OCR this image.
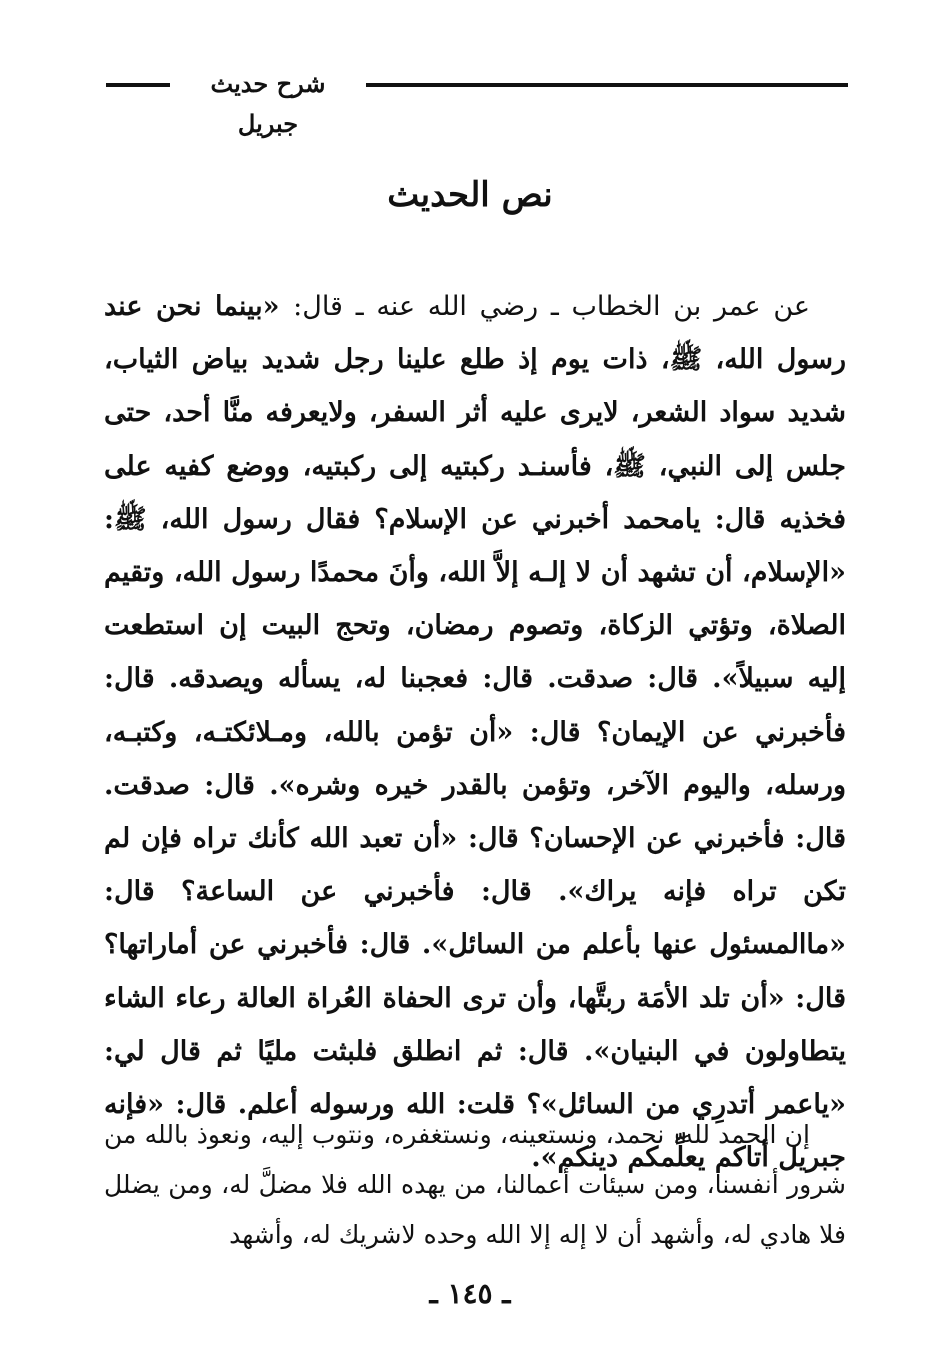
شرح حديث جبريل
نص الحديث
عن عمر بن الخطاب ـ رضي الله عنه ـ قال: «بينما نحن عند رسول الله، ﷺ، ذات يوم إذ طلع علينا رجل شديد بياض الثياب، شديد سواد الشعر، لايرى عليه أثر السفر، ولايعرفه منَّا أحد، حتى جلس إلى النبي، ﷺ، فأسنـد ركبتيه إلى ركبتيه، ووضع كفيه على فخذيه قال: يامحمد أخبرني عن الإسلام؟ فقال رسول الله، ﷺ: «الإسلام، أن تشهد أن لا إلـه إلاَّ الله، وأنَ محمدًا رسول الله، وتقيم الصلاة، وتؤتي الزكاة، وتصوم رمضان، وتحج البيت إن استطعت إليه سبيلاً». قال: صدقت. قال: فعجبنا له، يسأله ويصدقه. قال: فأخبرني عن الإيمان؟ قال: «أن تؤمن بالله، ومـلائكتـه، وكتبـه، ورسله، واليوم الآخر، وتؤمن بالقدر خيره وشره». قال: صدقت. قال: فأخبرني عن الإحسان؟ قال: «أن تعبد الله كأنك تراه فإن لم تكن تراه فإنه يراك». قال: فأخبرني عن الساعة؟ قال: «ماالمسئول عنها بأعلم من السائل». قال: فأخبرني عن أماراتها؟ قال: «أن تلد الأمَة ربتَّها، وأن ترى الحفاة العُراة العالة رعاء الشاء يتطاولون في البنيان». قال: ثم انطلق فلبثت مليًا ثم قال لي: «ياعمر أتدرِي من السائل»؟ قلت: الله ورسوله أعلم. قال: «فإنه جبريل أتاكم يعلِّمكم دينكم».
إن الحمد لله، نحمد، ونستعينه، ونستغفره، ونتوب إليه، ونعوذ بالله من شرور أنفسنا، ومن سيئات أعمالنا، من يهده الله فلا مضلَّ له، ومن يضلل فلا هادي له، وأشهد أن لا إله إلا الله وحده لاشريك له، وأشهد
ـ ١٤٥ ـ
